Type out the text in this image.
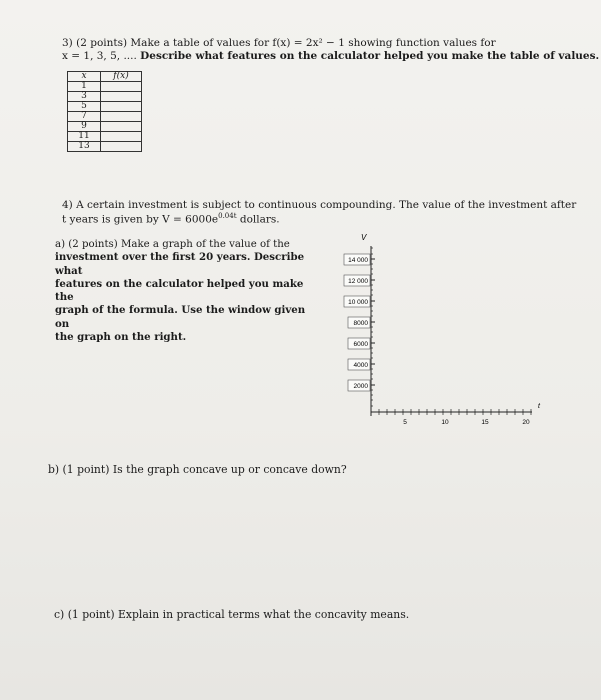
3) (2 points) Make a table of values for f(x) = 2x² − 1 showing function values for
x = 1, 3, 5, .... Describe what features on the calculator helped you make the table of values.
x	f(x)
1	
3	
5	
7	
9	
11	
13	
4) A certain investment is subject to continuous compounding. The value of the investment after
t years is given by $V = 6000e^{0.04t}$ dollars.
a) (2 points) Make a graph of the value of the
investment over the first 20 years. Describe what
features on the calculator helped you make the
graph of the formula. Use the window given on
the graph on the right.
V
t
14 000
12 000
10 000
8000
6000
4000
2000
5	10	15	20
b) (1 point) Is the graph concave up or concave down?
c) (1 point) Explain in practical terms what the concavity means.
